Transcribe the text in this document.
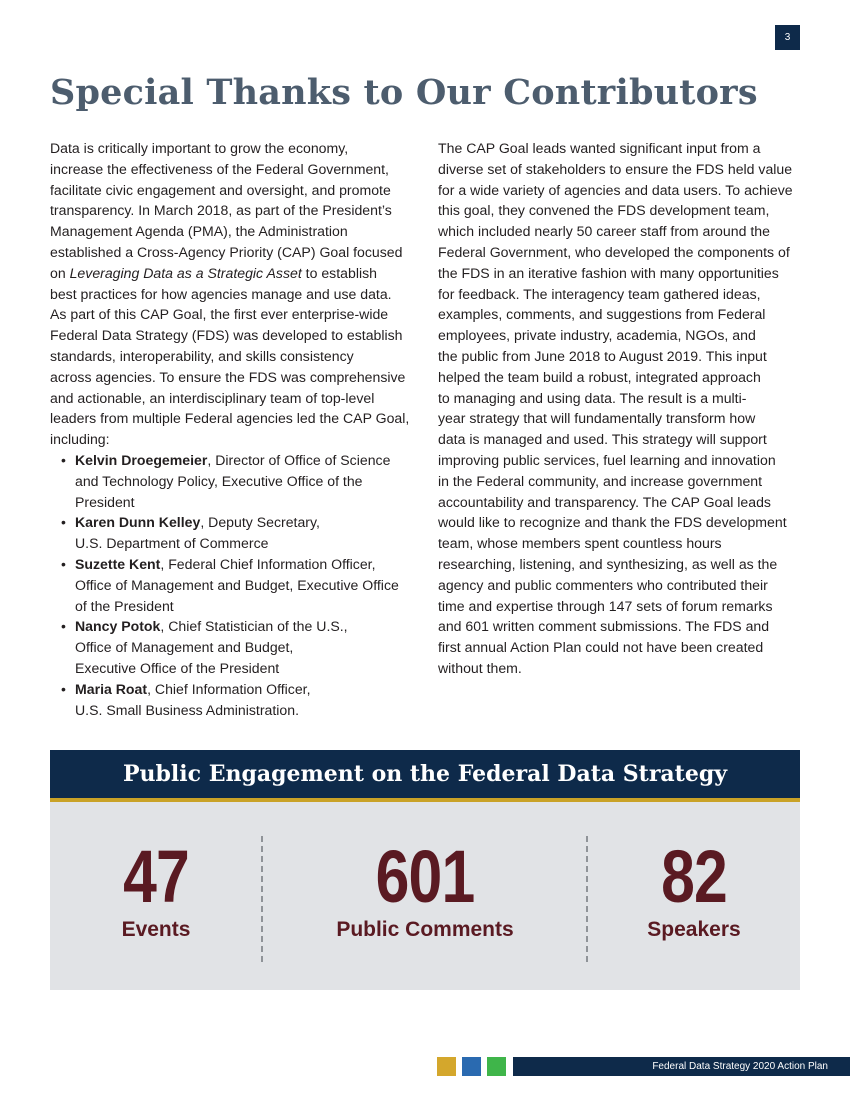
3
Special Thanks to Our Contributors
Data is critically important to grow the economy,
increase the effectiveness of the Federal Government,
facilitate civic engagement and oversight, and promote
transparency. In March 2018, as part of the President’s
Management Agenda (PMA), the Administration
established a Cross-Agency Priority (CAP) Goal focused
on Leveraging Data as a Strategic Asset to establish
best practices for how agencies manage and use data.
As part of this CAP Goal, the first ever enterprise-wide
Federal Data Strategy (FDS) was developed to establish
standards, interoperability, and skills consistency
across agencies. To ensure the FDS was comprehensive
and actionable, an interdisciplinary team of top-level
leaders from multiple Federal agencies led the CAP Goal,
including:
• Kelvin Droegemeier, Director of Office of Science
and Technology Policy, Executive Office of the
President
• Karen Dunn Kelley, Deputy Secretary,
U.S. Department of Commerce
• Suzette Kent, Federal Chief Information Officer,
Office of Management and Budget, Executive Office
of the President
• Nancy Potok, Chief Statistician of the U.S.,
Office of Management and Budget,
Executive Office of the President
• Maria Roat, Chief Information Officer,
U.S. Small Business Administration.
The CAP Goal leads wanted significant input from a
diverse set of stakeholders to ensure the FDS held value
for a wide variety of agencies and data users. To achieve
this goal, they convened the FDS development team,
which included nearly 50 career staff from around the
Federal Government, who developed the components of
the FDS in an iterative fashion with many opportunities
for feedback. The interagency team gathered ideas,
examples, comments, and suggestions from Federal
employees, private industry, academia, NGOs, and
the public from June 2018 to August 2019. This input
helped the team build a robust, integrated approach
to managing and using data. The result is a multi-
year strategy that will fundamentally transform how
data is managed and used. This strategy will support
improving public services, fuel learning and innovation
in the Federal community, and increase government
accountability and transparency. The CAP Goal leads
would like to recognize and thank the FDS development
team, whose members spent countless hours
researching, listening, and synthesizing, as well as the
agency and public commenters who contributed their
time and expertise through 147 sets of forum remarks
and 601 written comment submissions. The FDS and
first annual Action Plan could not have been created
without them.
Public Engagement on the Federal Data Strategy
47
Events
601
Public Comments
82
Speakers
Federal Data Strategy 2020 Action Plan
